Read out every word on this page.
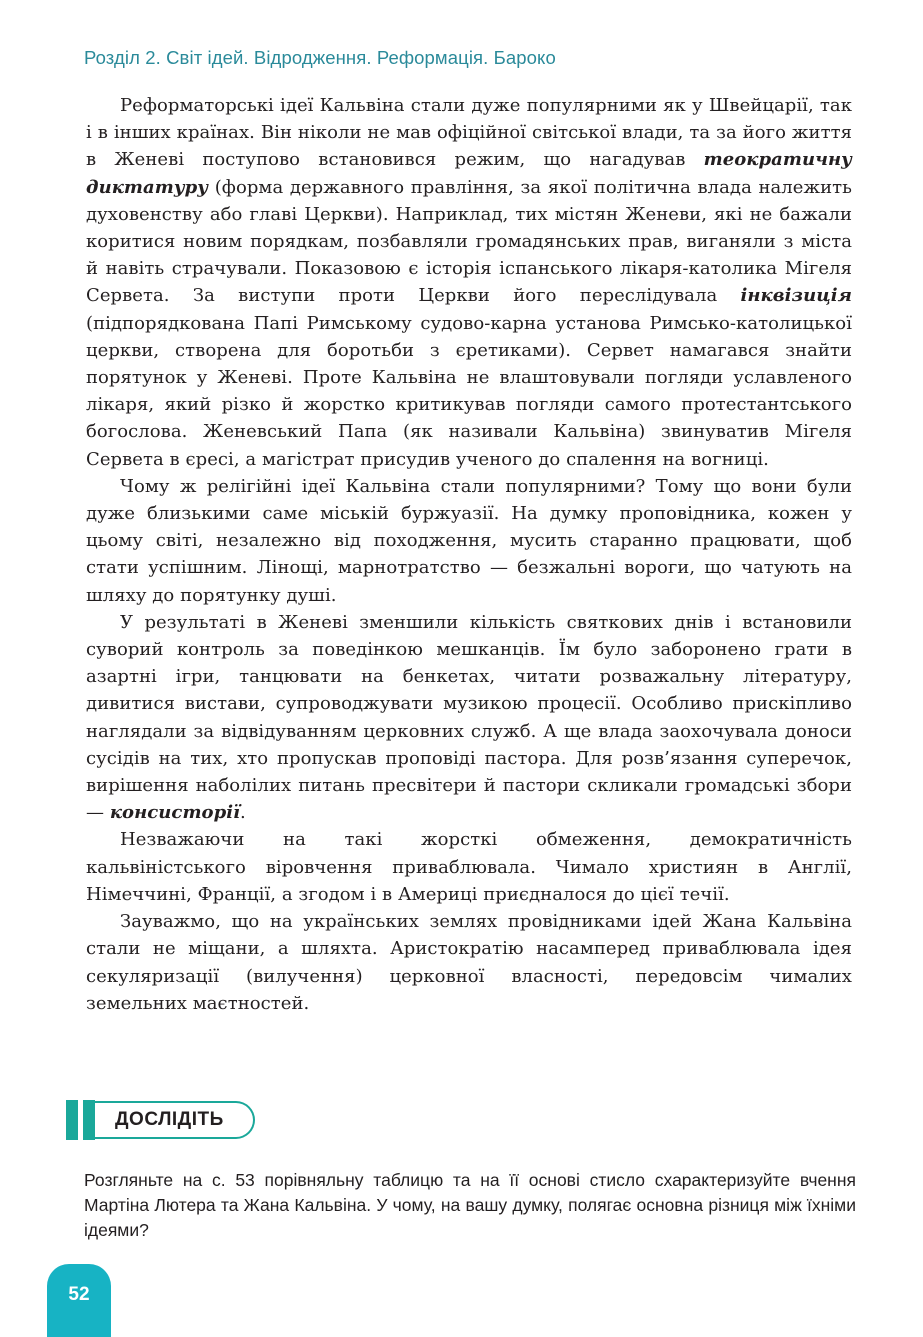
Розділ 2. Світ ідей. Відродження. Реформація. Бароко

Реформаторські ідеї Кальвіна стали дуже популярними як у Швейцарії, так і в інших країнах. Він ніколи не мав офіційної світської влади, та за його життя в Женеві поступово встановився режим, що нагадував теократичну диктатуру (форма державного правління, за якої політична влада належить духовенству або главі Церкви). Наприклад, тих містян Женеви, які не бажали коритися новим порядкам, позбавляли громадянських прав, виганяли з міста й навіть страчували. Показовою є історія іспанського лікаря-католика Мігеля Сервета. За виступи проти Церкви його переслідувала інквізиція (підпорядкована Папі Римському судово-карна установа Римсько-католицької церкви, створена для боротьби з єретиками). Сервет намагався знайти порятунок у Женеві. Проте Кальвіна не влаштовували погляди уславленого лікаря, який різко й жорстко критикував погляди самого протестантського богослова. Женевський Папа (як називали Кальвіна) звинуватив Мігеля Сервета в єресі, а магістрат присудив ученого до спалення на вогниці.

Чому ж релігійні ідеї Кальвіна стали популярними? Тому що вони були дуже близькими саме міській буржуазії. На думку проповідника, кожен у цьому світі, незалежно від походження, мусить старанно працювати, щоб стати успішним. Лінощі, марнотратство — безжальні вороги, що чатують на шляху до порятунку душі.

У результаті в Женеві зменшили кількість святкових днів і встановили суворий контроль за поведінкою мешканців. Їм було заборонено грати в азартні ігри, танцювати на бенкетах, читати розважальну літературу, дивитися вистави, супроводжувати музикою процесії. Особливо прискіпливо наглядали за відвідуванням церковних служб. А ще влада заохочувала доноси сусідів на тих, хто пропускав проповіді пастора. Для розв’язання суперечок, вирішення наболілих питань пресвітери й пастори скликали громадські збори — консисторії.

Незважаючи на такі жорсткі обмеження, демократичність кальвіністського віровчення приваблювала. Чимало християн в Англії, Німеччині, Франції, а згодом і в Америці приєдналося до цієї течії.

Зауважмо, що на українських землях провідниками ідей Жана Кальвіна стали не міщани, а шляхта. Аристократію насамперед приваблювала ідея секуляризації (вилучення) церковної власності, передовсім чималих земельних маєтностей.

ДОСЛІДІТЬ
Розгляньте на с. 53 порівняльну таблицю та на її основі стисло схарактеризуйте вчення Мартіна Лютера та Жана Кальвіна. У чому, на вашу думку, полягає основна різниця між їхніми ідеями?
52
